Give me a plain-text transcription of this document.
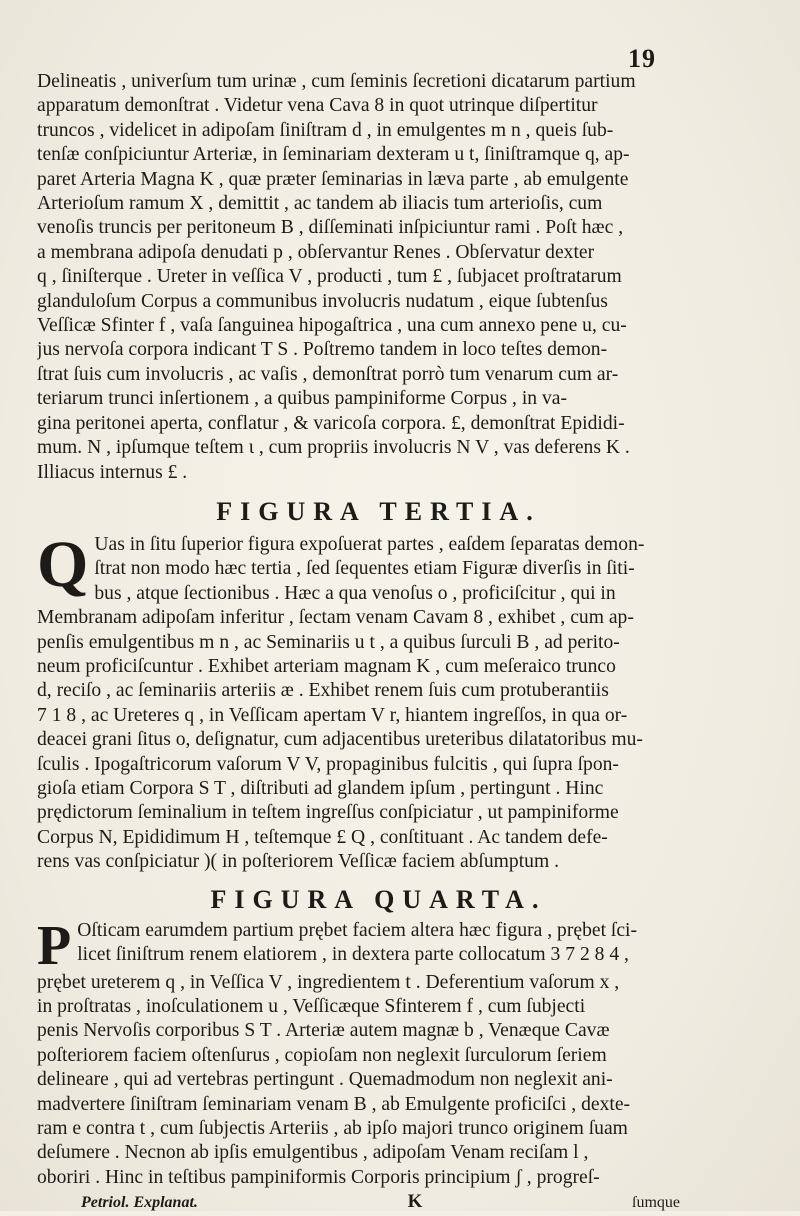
19
Delineatis , univerſum tum urinæ , cum ſeminis ſecretioni dicatarum partium
apparatum demonſtrat . Videtur vena Cava 8 in quot utrinque diſpertitur
truncos , videlicet in adipoſam ſiniſtram d , in emulgentes m n , queis ſub-
tenſæ conſpiciuntur Arteriæ, in ſeminariam dexteram u t, ſiniſtramque q, ap-
paret Arteria Magna K , quæ præter ſeminarias in læva parte , ab emulgente
Arterioſum ramum X , demittit , ac tandem ab iliacis tum arterioſis, cum
venoſis truncis per peritoneum B , diſſeminati inſpiciuntur rami . Poſt hæc ,
a membrana adipoſa denudati p , obſervantur Renes . Obſervatur dexter
q , ſiniſterque . Ureter in veſſica V , producti , tum £ , ſubjacet proſtratarum
glanduloſum Corpus a communibus involucris nudatum , eique ſubtenſus
Veſſicæ Sfinter f , vaſa ſanguinea hipogaſtrica , una cum annexo pene u, cu-
jus nervoſa corpora indicant T S . Poſtremo tandem in loco teſtes demon-
ſtrat ſuis cum involucris , ac vaſis , demonſtrat porrò tum venarum cum ar-
teriarum trunci inſertionem , a quibus pampiniforme Corpus , in va-
gina peritonei aperta, conflatur , & varicoſa corpora. £, demonſtrat Epididi-
mum. N , ipſumque teſtem ι , cum propriis involucris N V , vas deferens K .
Illiacus internus £ .
FIGURA TERTIA.
Q Uas in ſitu ſuperior figura expoſuerat partes , eaſdem ſeparatas demon-
ſtrat non modo hæc tertia , ſed ſequentes etiam Figuræ diverſis in ſiti-
bus , atque ſectionibus . Hæc a qua venoſus o , proficiſcitur , qui in
Membranam adipoſam inferitur , ſectam venam Cavam 8 , exhibet , cum ap-
penſis emulgentibus m n , ac Seminariis u t , a quibus ſurculi B , ad perito-
neum proficiſcuntur . Exhibet arteriam magnam K , cum meſeraico trunco
d, reciſo , ac ſeminariis arteriis æ . Exhibet renem ſuis cum protuberantiis
7 1 8 , ac Ureteres q , in Veſſicam apertam V r, hiantem ingreſſos, in qua or-
deacei grani ſitus o, deſignatur, cum adjacentibus ureteribus dilatatoribus mu-
ſculis . Ipogaſtricorum vaſorum V V, propaginibus fulcitis , qui ſupra ſpon-
gioſa etiam Corpora S T , diſtributi ad glandem ipſum , pertingunt . Hinc
prędictorum ſeminalium in teſtem ingreſſus conſpiciatur , ut pampiniforme
Corpus N, Epididimum H , teſtemque £ Q , conſtituant . Ac tandem defe-
rens vas conſpiciatur )( in poſteriorem Veſſicæ faciem abſumptum .
FIGURA QUARTA.
P Oſticam earumdem partium prębet faciem altera hæc figura , prębet ſci-
licet ſiniſtrum renem elatiorem , in dextera parte collocatum 3 7 2 8 4 ,
prębet ureterem q , in Veſſica V , ingredientem t . Deferentium vaſorum x ,
in proſtratas , inoſculationem u , Veſſicæque Sfinterem f , cum ſubjecti
penis Nervoſis corporibus S T . Arteriæ autem magnæ b , Venæque Cavæ
poſteriorem faciem oſtenſurus , copioſam non neglexit ſurculorum ſeriem
delineare , qui ad vertebras pertingunt . Quemadmodum non neglexit ani-
madvertere ſiniſtram ſeminariam venam B , ab Emulgente proficiſci , dexte-
ram e contra t , cum ſubjectis Arteriis , ab ipſo majori trunco originem ſuam
deſumere . Necnon ab ipſis emulgentibus , adipoſam Venam reciſam l ,
oboriri . Hinc in teſtibus pampiniformis Corporis principium ʃ , progreſ-
Petriol. Explanat.	K	ſumque
